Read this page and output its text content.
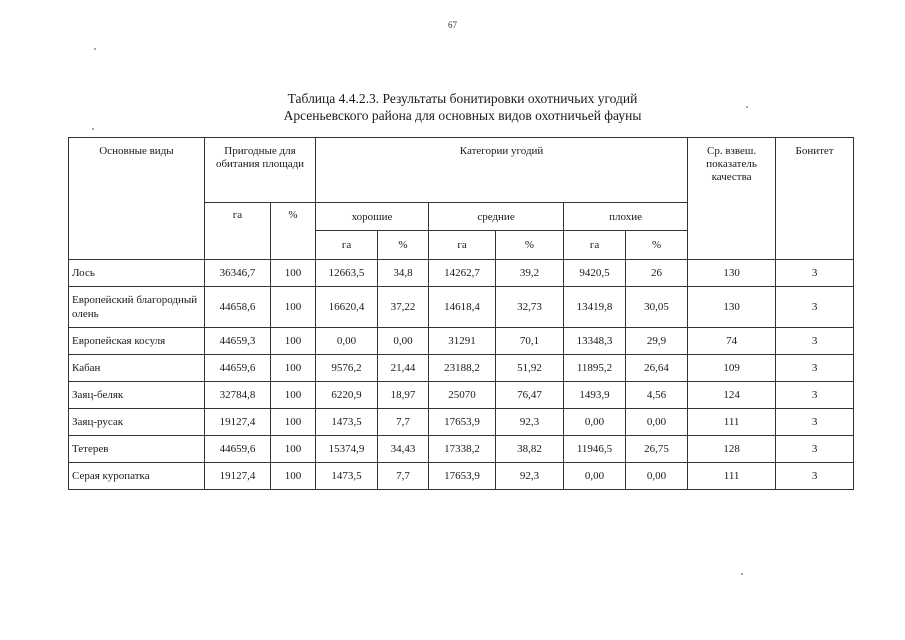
67
Таблица 4.4.2.3. Результаты бонитировки охотничьих угодий
Арсеньевского района для основных видов охотничьей фауны
Основные виды	Пригодные для обитания площади		Категории угодий						Ср. взвеш. показатель качества	Бонитет
	га	%	хорошие		средние		плохие			
			га	%	га	%	га	%		
Лось	36346,7	100	12663,5	34,8	14262,7	39,2	9420,5	26	130	3
Европейский благородный олень	44658,6	100	16620,4	37,22	14618,4	32,73	13419,8	30,05	130	3
Европейская косуля	44659,3	100	0,00	0,00	31291	70,1	13348,3	29,9	74	3
Кабан	44659,6	100	9576,2	21,44	23188,2	51,92	11895,2	26,64	109	3
Заяц-беляк	32784,8	100	6220,9	18,97	25070	76,47	1493,9	4,56	124	3
Заяц-русак	19127,4	100	1473,5	7,7	17653,9	92,3	0,00	0,00	111	3
Тетерев	44659,6	100	15374,9	34,43	17338,2	38,82	11946,5	26,75	128	3
Серая куропатка	19127,4	100	1473,5	7,7	17653,9	92,3	0,00	0,00	111	3
